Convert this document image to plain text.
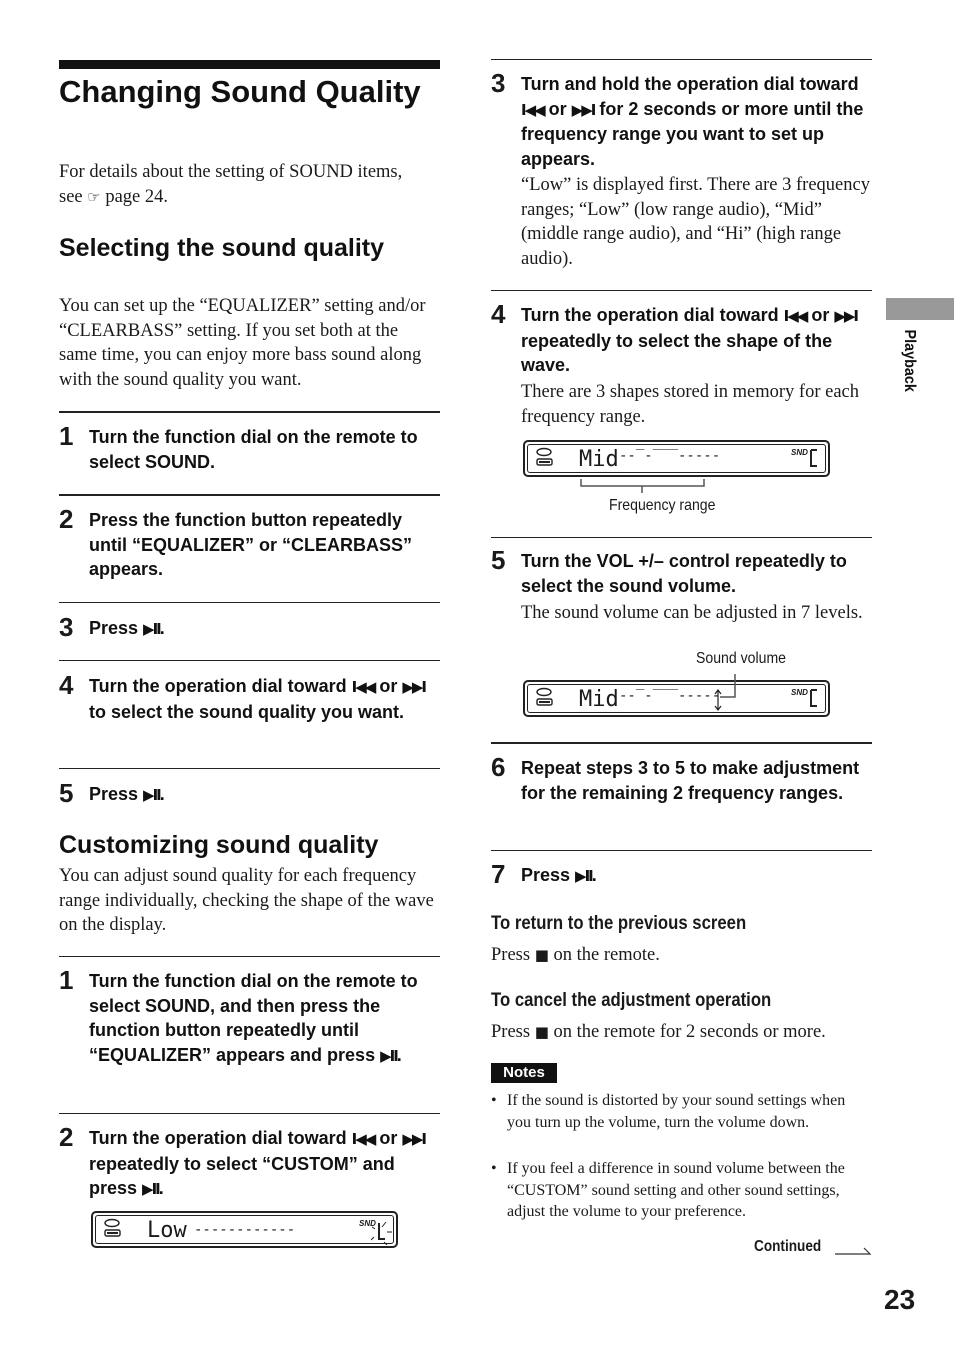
Changing Sound Quality
For details about the setting of SOUND items,
see ☞ page 24.
Selecting the sound quality
You can set up the “EQUALIZER” setting and/or “CLEARBASS” setting. If you set both at the same time, you can enjoy more bass sound along with the sound quality you want.
1 Turn the function dial on the remote to select SOUND.
2 Press the function button repeatedly until “EQUALIZER” or “CLEARBASS” appears.
3 Press ▶II.
4 Turn the operation dial toward I◀◀ or ▶▶I to select the sound quality you want.
5 Press ▶II.
Customizing sound quality
You can adjust sound quality for each frequency range individually, checking the shape of the wave on the display.
1 Turn the function dial on the remote to select SOUND, and then press the function button repeatedly until “EQUALIZER” appears and press ▶II.
2 Turn the operation dial toward I◀◀ or ▶▶I repeatedly to select “CUSTOM” and press ▶II.
Low ------------	SND
3 Turn and hold the operation dial toward I◀◀ or ▶▶I for 2 seconds or more until the frequency range you want to set up appears.
“Low” is displayed first. There are 3 frequency ranges; “Low” (low range audio), “Mid” (middle range audio), and “Hi” (high range audio).
4 Turn the operation dial toward I◀◀ or ▶▶I repeatedly to select the shape of the wave.
There are 3 shapes stored in memory for each frequency range.
Mid --‾-‾‾‾-----	SND
Frequency range
5 Turn the VOL +/– control repeatedly to select the sound volume.
The sound volume can be adjusted in 7 levels.
Sound volume
Mid --‾-‾‾‾-----	SND
6 Repeat steps 3 to 5 to make adjustment for the remaining 2 frequency ranges.
7 Press ▶II.
To return to the previous screen
Press ■ on the remote.
To cancel the adjustment operation
Press ■ on the remote for 2 seconds or more.
Notes
• If the sound is distorted by your sound settings when you turn up the volume, turn the volume down.
• If you feel a difference in sound volume between the “CUSTOM” sound setting and other sound settings, adjust the volume to your preference.
Continued
Playback
23
